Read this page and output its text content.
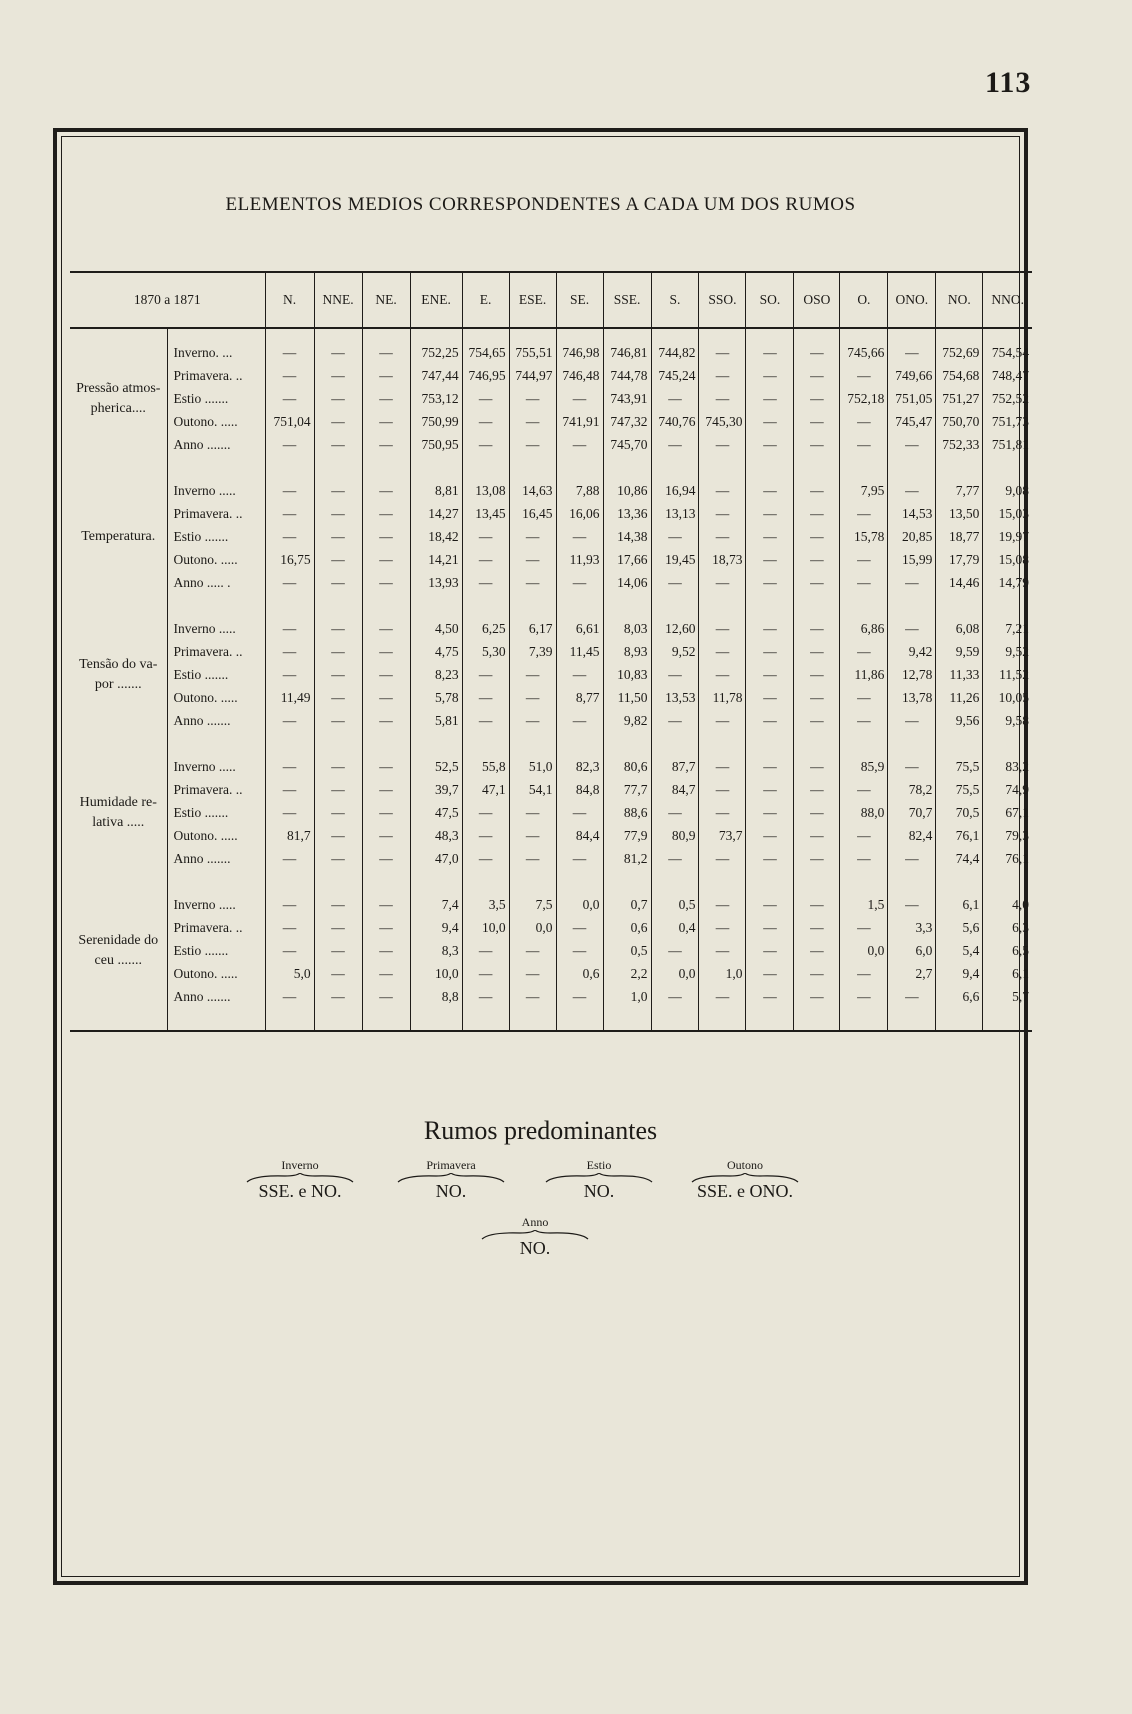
113
ELEMENTOS MEDIOS CORRESPONDENTES A CADA UM DOS RUMOS
1870 a 1871		N.	NNE.	NE.	ENE.	E.	ESE.	SE.	SSE.	S.	SSO.	SO.	OSO	O.	ONO.	NO.	NNO.

Pressão atmos-pherica....	Inverno. ...	—	—	—	752,25	754,65	755,51	746,98	746,81	744,82	—	—	—	745,66	—	752,69	754,54
	Primavera. ..	—	—	—	747,44	746,95	744,97	746,48	744,78	745,24	—	—	—	—	749,66	754,68	748,47
	Estio .......	—	—	—	753,12	—	—	—	743,91	—	—	—	—	752,18	751,05	751,27	752,52
	Outono. .....	751,04	—	—	750,99	—	—	741,91	747,32	740,76	745,30	—	—	—	745,47	750,70	751,73
	Anno .......	—	—	—	750,95	—	—	—	745,70	—	—	—	—	—	—	752,33	751,81

Temperatura.	Inverno .....	—	—	—	8,81	13,08	14,63	7,88	10,86	16,94	—	—	—	7,95	—	7,77	9,08
	Primavera. ..	—	—	—	14,27	13,45	16,45	16,06	13,36	13,13	—	—	—	—	14,53	13,50	15,03
	Estio .......	—	—	—	18,42	—	—	—	14,38	—	—	—	—	15,78	20,85	18,77	19,97
	Outono. .....	16,75	—	—	14,21	—	—	11,93	17,66	19,45	18,73	—	—	—	15,99	17,79	15,08
	Anno ..... .	—	—	—	13,93	—	—	—	14,06	—	—	—	—	—	—	14,46	14,79

Tensão do va-por .......	Inverno .....	—	—	—	4,50	6,25	6,17	6,61	8,03	12,60	—	—	—	6,86	—	6,08	7,21
	Primavera. ..	—	—	—	4,75	5,30	7,39	11,45	8,93	9,52	—	—	—	—	9,42	9,59	9,52
	Estio .......	—	—	—	8,23	—	—	—	10,83	—	—	—	—	11,86	12,78	11,33	11,52
	Outono. .....	11,49	—	—	5,78	—	—	8,77	11,50	13,53	11,78	—	—	—	13,78	11,26	10,05
	Anno .......	—	—	—	5,81	—	—	—	9,82	—	—	—	—	—	—	9,56	9,58

Humidade re-lativa .....	Inverno .....	—	—	—	52,5	55,8	51,0	82,3	80,6	87,7	—	—	—	85,9	—	75,5	83,2
	Primavera. ..	—	—	—	39,7	47,1	54,1	84,8	77,7	84,7	—	—	—	—	78,2	75,5	74,9
	Estio .......	—	—	—	47,5	—	—	—	88,6	—	—	—	—	88,0	70,7	70,5	67,1
	Outono. .....	81,7	—	—	48,3	—	—	84,4	77,9	80,9	73,7	—	—	—	82,4	76,1	79,3
	Anno .......	—	—	—	47,0	—	—	—	81,2	—	—	—	—	—	—	74,4	76,1

Serenidade do ceu .......	Inverno .....	—	—	—	7,4	3,5	7,5	0,0	0,7	0,5	—	—	—	1,5	—	6,1	4,0
	Primavera. ..	—	—	—	9,4	10,0	0,0	—	0,6	0,4	—	—	—	—	3,3	5,6	6,3
	Estio .......	—	—	—	8,3	—	—	—	0,5	—	—	—	—	0,0	6,0	5,4	6,5
	Outono. .....	5,0	—	—	10,0	—	—	0,6	2,2	0,0	1,0	—	—	—	2,7	9,4	6,1
	Anno .......	—	—	—	8,8	—	—	—	1,0	—	—	—	—	—	—	6,6	5,7

Rumos predominantes
Inverno
SSE. e NO.
Primavera
NO.
Estio
NO.
Outono
SSE. e ONO.
Anno
NO.
